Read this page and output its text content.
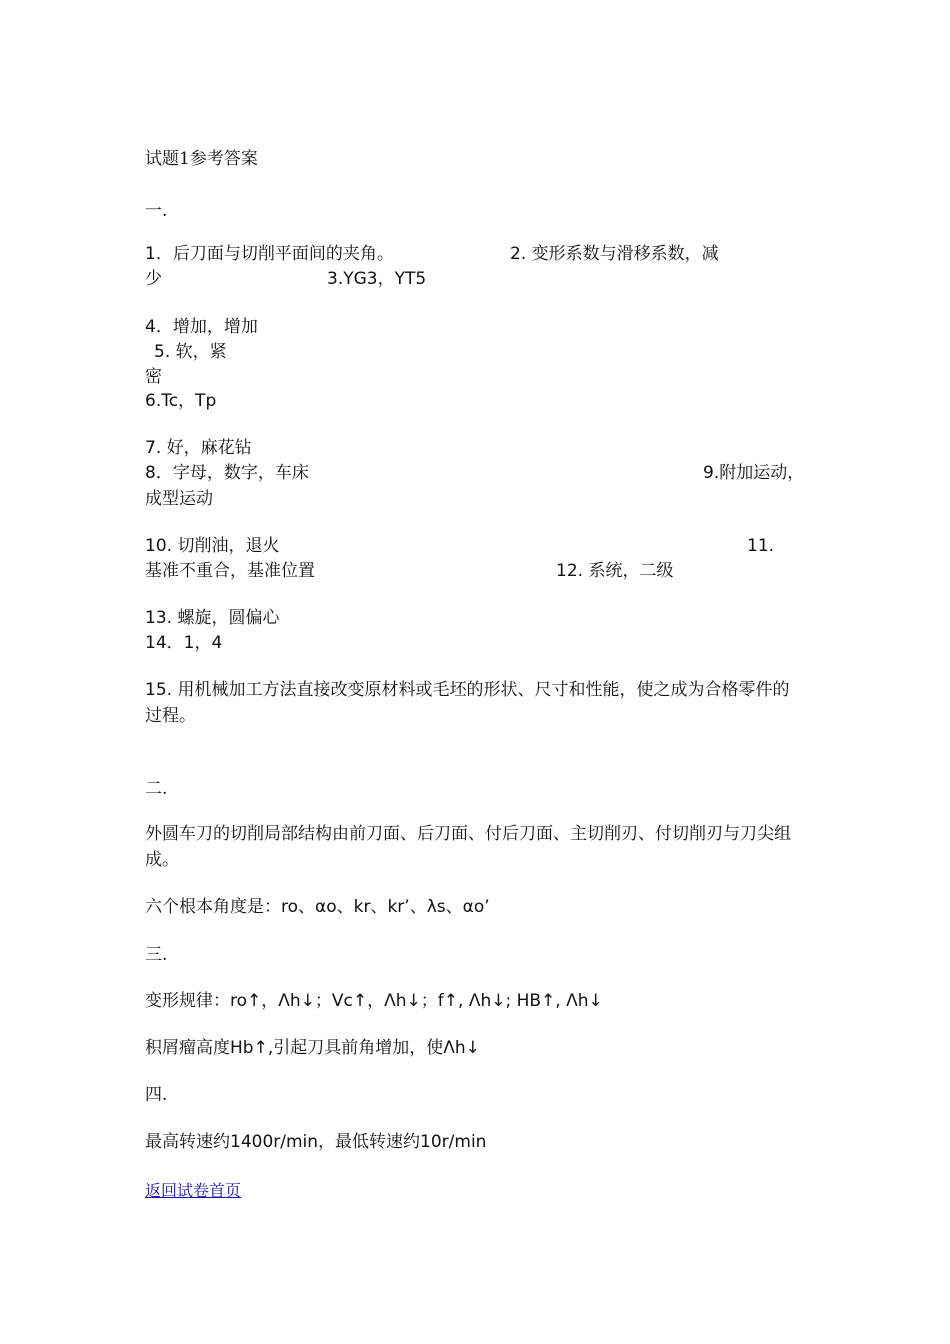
试题1参考答案
一.
1．后刀面与切削平面间的夹角。	2. 变形系数与滑移系数，减
少	3.YG3，YT5
4．增加，增加
5. 软，紧
密
6.Tc，Tp
7. 好，麻花钻
8．字母，数字，车床	9.附加运动，
成型运动
10. 切削油，退火	11.
基准不重合，基准位置	12. 系统，二级
13. 螺旋，圆偏心
14．1，4
15. 用机械加工方法直接改变原材料或毛坯的形状、尺寸和性能，使之成为合格零件的过程。
二.
外圆车刀的切削局部结构由前刀面、后刀面、付后刀面、主切削刃、付切削刃与刀尖组成。
六个根本角度是：ro、αo、kr、kr’、λs、αo’
三.
变形规律：ro↑，Λh↓；Vc↑，Λh↓；f↑, Λh↓; HB↑, Λh↓
积屑瘤高度Hb↑,引起刀具前角增加，使Λh↓
四.
最高转速约1400r/min，最低转速约10r/min
返回试卷首页
